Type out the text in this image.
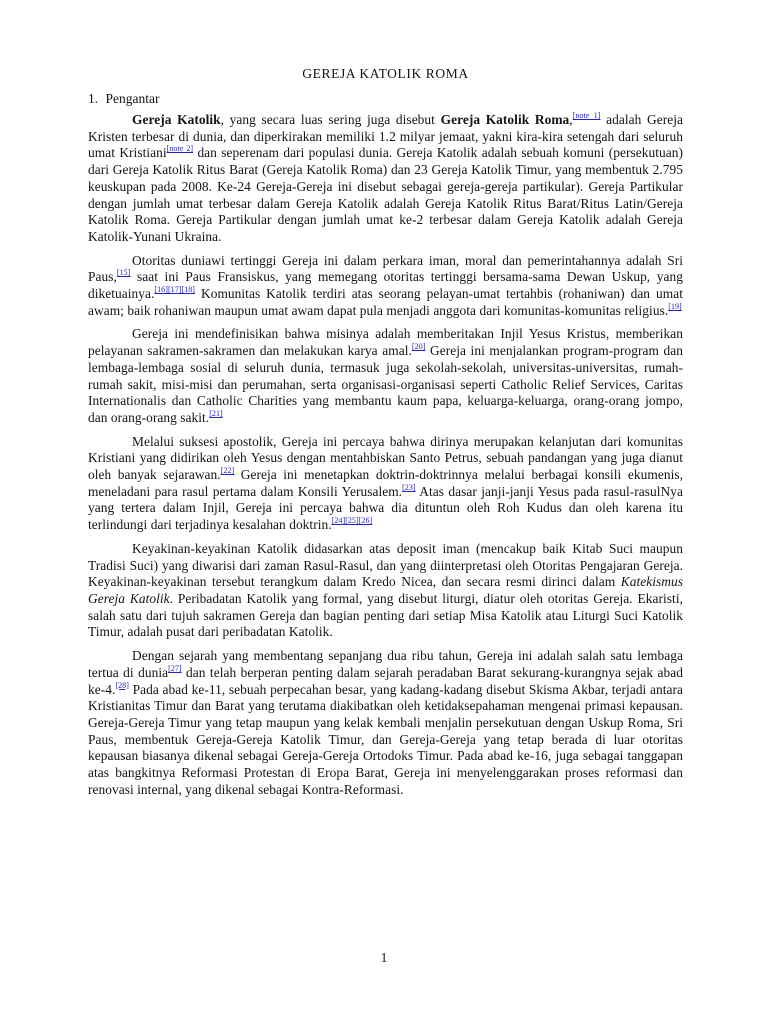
GEREJA KATOLIK ROMA
1. Pengantar

Gereja Katolik, yang secara luas sering juga disebut Gereja Katolik Roma,[note 1] adalah Gereja Kristen terbesar di dunia, dan diperkirakan memiliki 1.2 milyar jemaat, yakni kira-kira setengah dari seluruh umat Kristiani[note 2] dan seperenam dari populasi dunia. Gereja Katolik adalah sebuah komuni (persekutuan) dari Gereja Katolik Ritus Barat (Gereja Katolik Roma) dan 23 Gereja Katolik Timur, yang membentuk 2.795 keuskupan pada 2008. Ke-24 Gereja-Gereja ini disebut sebagai gereja-gereja partikular). Gereja Partikular dengan jumlah umat terbesar dalam Gereja Katolik adalah Gereja Katolik Ritus Barat/Ritus Latin/Gereja Katolik Roma. Gereja Partikular dengan jumlah umat ke-2 terbesar dalam Gereja Katolik adalah Gereja Katolik-Yunani Ukraina.

Otoritas duniawi tertinggi Gereja ini dalam perkara iman, moral dan pemerintahannya adalah Sri Paus,[15] saat ini Paus Fransiskus, yang memegang otoritas tertinggi bersama-sama Dewan Uskup, yang diketuainya.[16][17][18] Komunitas Katolik terdiri atas seorang pelayan-umat tertahbis (rohaniwan) dan umat awam; baik rohaniwan maupun umat awam dapat pula menjadi anggota dari komunitas-komunitas religius.[19]

Gereja ini mendefinisikan bahwa misinya adalah memberitakan Injil Yesus Kristus, memberikan pelayanan sakramen-sakramen dan melakukan karya amal.[20] Gereja ini menjalankan program-program dan lembaga-lembaga sosial di seluruh dunia, termasuk juga sekolah-sekolah, universitas-universitas, rumah-rumah sakit, misi-misi dan perumahan, serta organisasi-organisasi seperti Catholic Relief Services, Caritas Internationalis dan Catholic Charities yang membantu kaum papa, keluarga-keluarga, orang-orang jompo, dan orang-orang sakit.[21]

Melalui suksesi apostolik, Gereja ini percaya bahwa dirinya merupakan kelanjutan dari komunitas Kristiani yang didirikan oleh Yesus dengan mentahbiskan Santo Petrus, sebuah pandangan yang juga dianut oleh banyak sejarawan.[22] Gereja ini menetapkan doktrin-doktrinnya melalui berbagai konsili ekumenis, meneladani para rasul pertama dalam Konsili Yerusalem.[23] Atas dasar janji-janji Yesus pada rasul-rasulNya yang tertera dalam Injil, Gereja ini percaya bahwa dia dituntun oleh Roh Kudus dan oleh karena itu terlindungi dari terjadinya kesalahan doktrin.[24][25][26]

Keyakinan-keyakinan Katolik didasarkan atas deposit iman (mencakup baik Kitab Suci maupun Tradisi Suci) yang diwarisi dari zaman Rasul-Rasul, dan yang diinterpretasi oleh Otoritas Pengajaran Gereja. Keyakinan-keyakinan tersebut terangkum dalam Kredo Nicea, dan secara resmi dirinci dalam Katekismus Gereja Katolik. Peribadatan Katolik yang formal, yang disebut liturgi, diatur oleh otoritas Gereja. Ekaristi, salah satu dari tujuh sakramen Gereja dan bagian penting dari setiap Misa Katolik atau Liturgi Suci Katolik Timur, adalah pusat dari peribadatan Katolik.

Dengan sejarah yang membentang sepanjang dua ribu tahun, Gereja ini adalah salah satu lembaga tertua di dunia[27] dan telah berperan penting dalam sejarah peradaban Barat sekurang-kurangnya sejak abad ke-4.[28] Pada abad ke-11, sebuah perpecahan besar, yang kadang-kadang disebut Skisma Akbar, terjadi antara Kristianitas Timur dan Barat yang terutama diakibatkan oleh ketidaksepahaman mengenai primasi kepausan. Gereja-Gereja Timur yang tetap maupun yang kelak kembali menjalin persekutuan dengan Uskup Roma, Sri Paus, membentuk Gereja-Gereja Katolik Timur, dan Gereja-Gereja yang tetap berada di luar otoritas kepausan biasanya dikenal sebagai Gereja-Gereja Ortodoks Timur. Pada abad ke-16, juga sebagai tanggapan atas bangkitnya Reformasi Protestan di Eropa Barat, Gereja ini menyelenggarakan proses reformasi dan renovasi internal, yang dikenal sebagai Kontra-Reformasi.

1
